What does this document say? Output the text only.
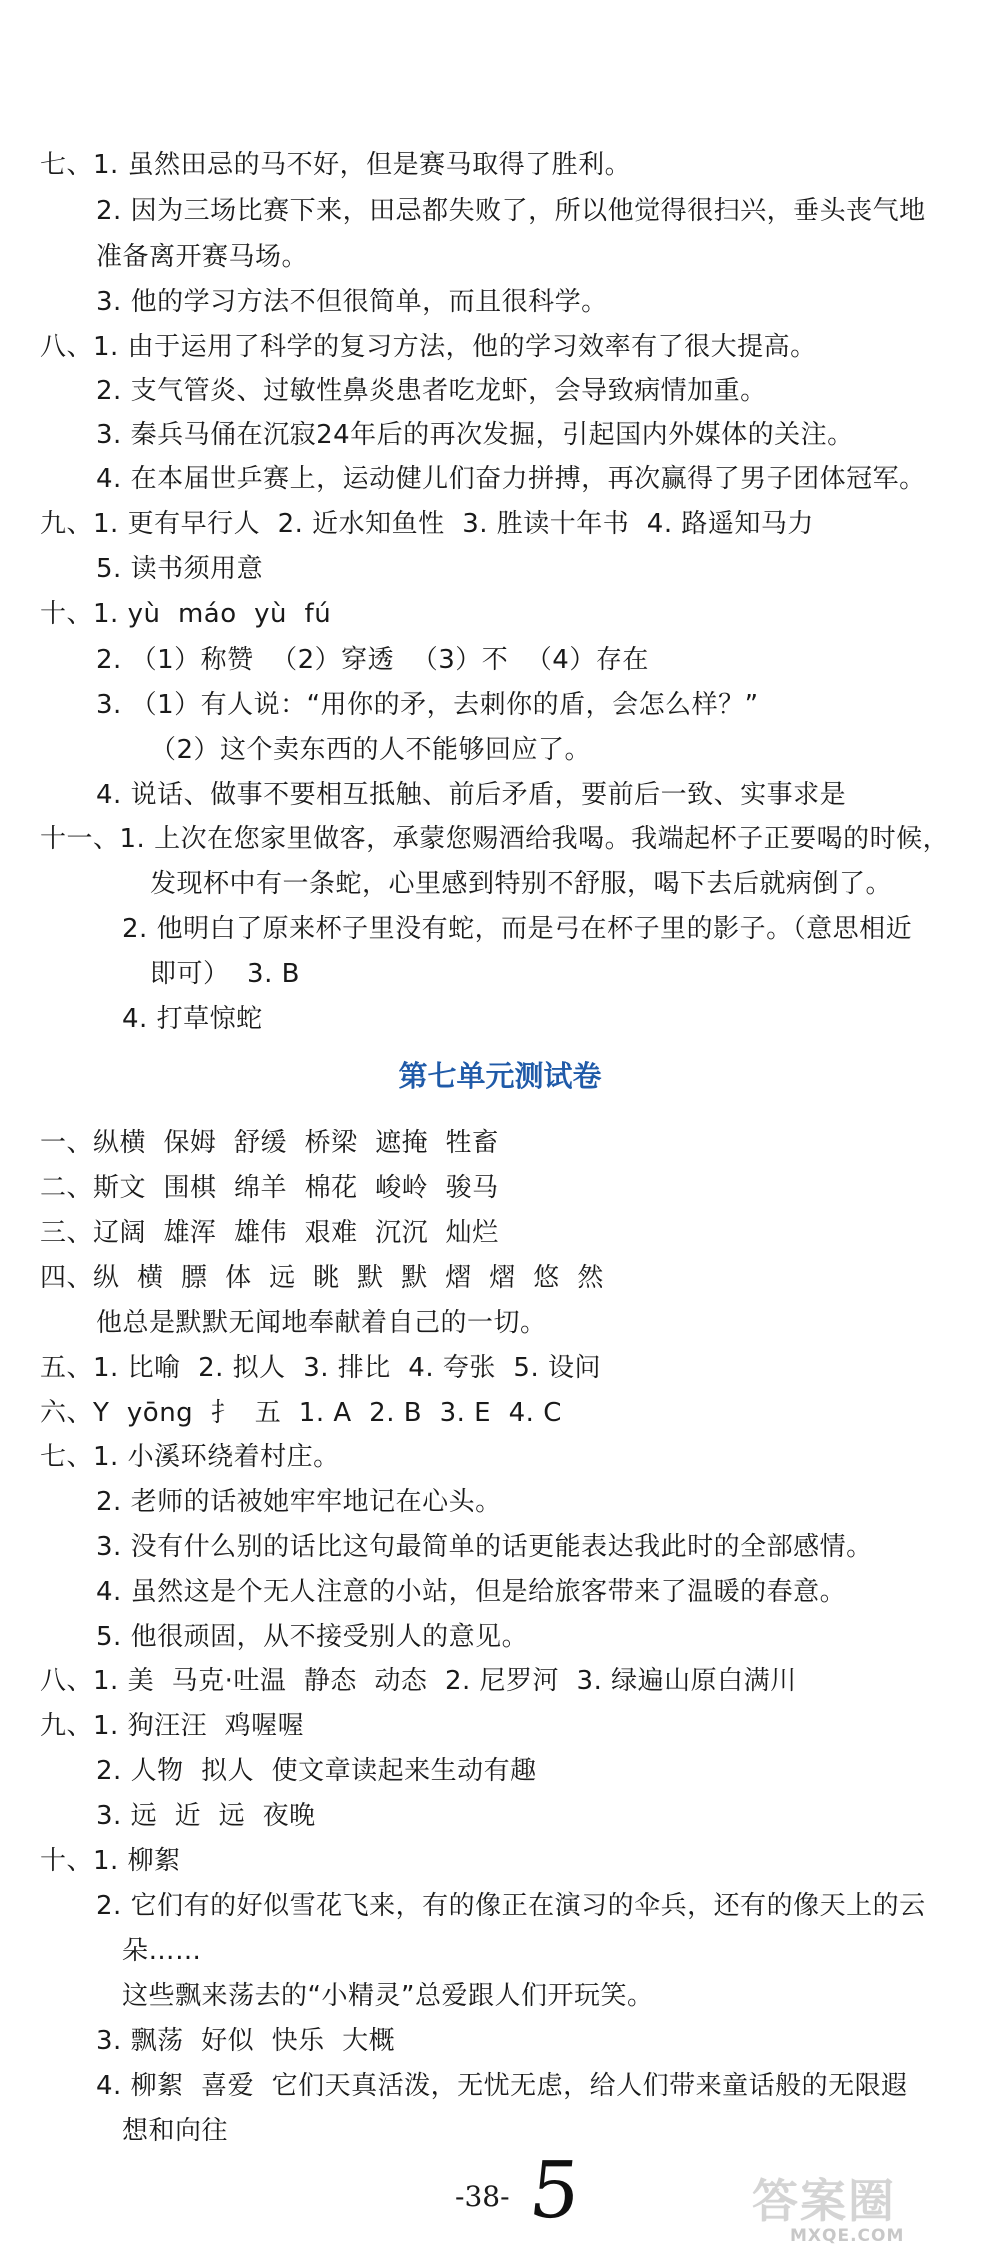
七、1. 虽然田忌的马不好，但是赛马取得了胜利。
2. 因为三场比赛下来，田忌都失败了，所以他觉得很扫兴，垂头丧气地
准备离开赛马场。
3. 他的学习方法不但很简单，而且很科学。
八、1. 由于运用了科学的复习方法，他的学习效率有了很大提高。
2. 支气管炎、过敏性鼻炎患者吃龙虾，会导致病情加重。
3. 秦兵马俑在沉寂24年后的再次发掘，引起国内外媒体的关注。
4. 在本届世乒赛上，运动健儿们奋力拼搏，再次赢得了男子团体冠军。
九、1. 更有早行人  2. 近水知鱼性  3. 胜读十年书  4. 路遥知马力
5. 读书须用意
十、1. yù  máo  yù  fú
2. （1）称赞  （2）穿透  （3）不  （4）存在
3. （1）有人说：“用你的矛，去刺你的盾，会怎么样？”
（2）这个卖东西的人不能够回应了。
4. 说话、做事不要相互抵触、前后矛盾，要前后一致、实事求是
十一、1. 上次在您家里做客，承蒙您赐酒给我喝。我端起杯子正要喝的时候，
发现杯中有一条蛇，心里感到特别不舒服，喝下去后就病倒了。
2. 他明白了原来杯子里没有蛇，而是弓在杯子里的影子。（意思相近
即可）  3. B
4. 打草惊蛇
第七单元测试卷
一、纵横  保姆  舒缓  桥梁  遮掩  牲畜
二、斯文  围棋  绵羊  棉花  峻岭  骏马
三、辽阔  雄浑  雄伟  艰难  沉沉  灿烂
四、纵  横  膘  体  远  眺  默  默  熠  熠  悠  然
他总是默默无闻地奉献着自己的一切。
五、1. 比喻  2. 拟人  3. 排比  4. 夸张  5. 设问
六、Y  yōng  扌  五  1. A  2. B  3. E  4. C
七、1. 小溪环绕着村庄。
2. 老师的话被她牢牢地记在心头。
3. 没有什么别的话比这句最简单的话更能表达我此时的全部感情。
4. 虽然这是个无人注意的小站，但是给旅客带来了温暖的春意。
5. 他很顽固，从不接受别人的意见。
八、1. 美  马克·吐温  静态  动态  2. 尼罗河  3. 绿遍山原白满川
九、1. 狗汪汪  鸡喔喔
2. 人物  拟人  使文章读起来生动有趣
3. 远  近  远  夜晚
十、1. 柳絮
2. 它们有的好似雪花飞来，有的像正在演习的伞兵，还有的像天上的云
朵……
这些飘来荡去的“小精灵”总爱跟人们开玩笑。
3. 飘荡  好似  快乐  大概
4. 柳絮  喜爱  它们天真活泼，无忧无虑，给人们带来童话般的无限遐
想和向往
-38- 5	答案圈
MXQE.COM
